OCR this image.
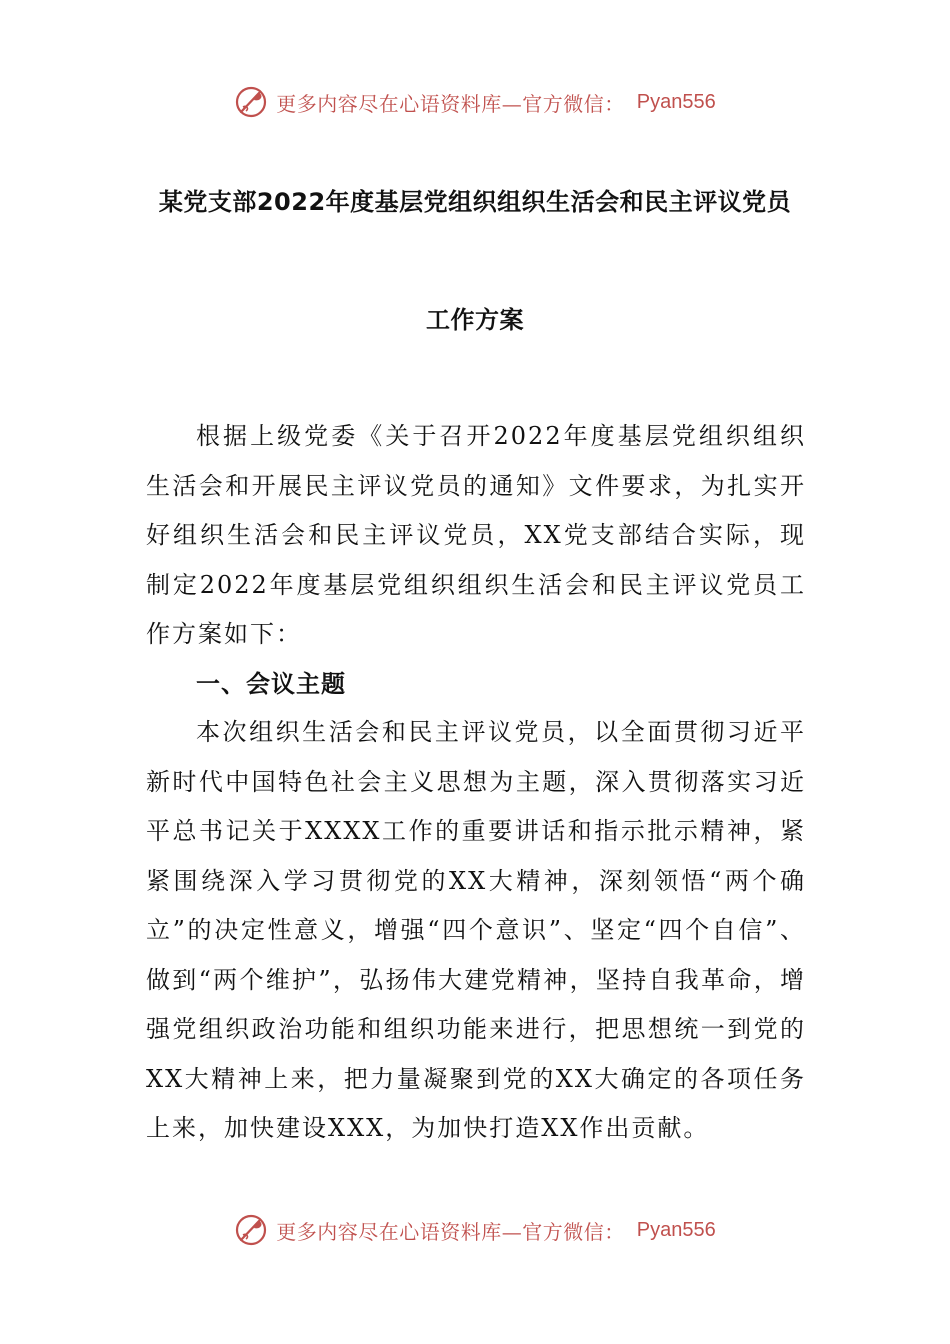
更多内容尽在心语资料库—官方微信： Pyan556
某党支部2022年度基层党组织组织生活会和民主评议党员
工作方案

根据上级党委《关于召开2022年度基层党组织组织生活会和开展民主评议党员的通知》文件要求，为扎实开好组织生活会和民主评议党员，XX党支部结合实际，现制定2022年度基层党组织组织生活会和民主评议党员工作方案如下：

一、会议主题

本次组织生活会和民主评议党员，以全面贯彻习近平新时代中国特色社会主义思想为主题，深入贯彻落实习近平总书记关于XXXX工作的重要讲话和指示批示精神，紧紧围绕深入学习贯彻党的XX大精神，深刻领悟“两个确立”的决定性意义，增强“四个意识”、坚定“四个自信”、做到“两个维护”，弘扬伟大建党精神，坚持自我革命，增强党组织政治功能和组织功能来进行，把思想统一到党的XX大精神上来，把力量凝聚到党的XX大确定的各项任务上来，加快建设XXX，为加快打造XX作出贡献。

更多内容尽在心语资料库—官方微信： Pyan556
